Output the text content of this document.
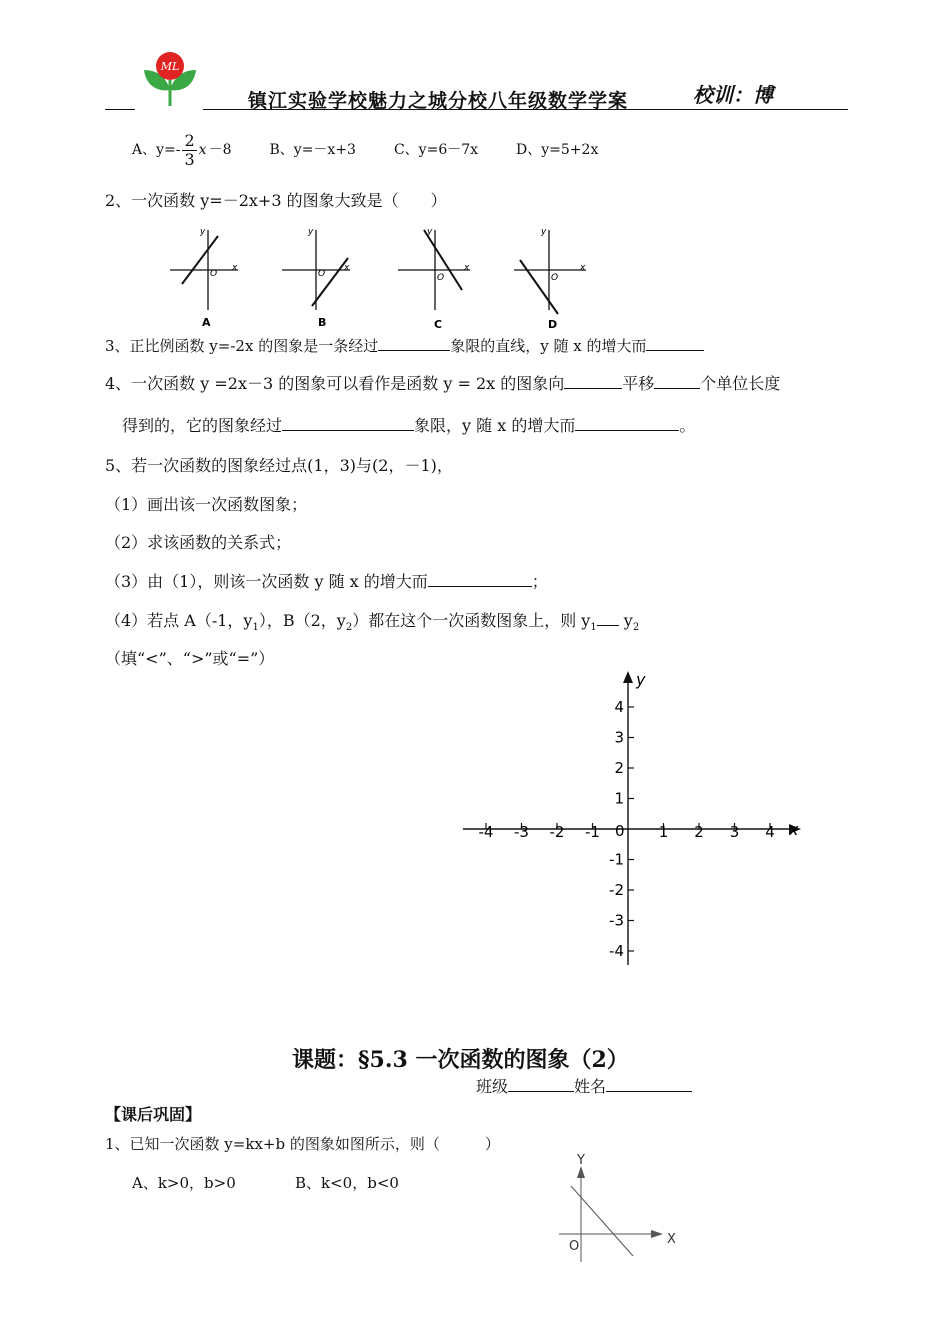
ML
镇江实验学校魅力之城分校八年级数学学案	校训：博
A、$y=- \frac{2}{3}$ x －8	B、y=－x+3	C、y=6－7x	D、y=5+2x
2、一次函数 y=－2x+3 的图象大致是（　　）
O
x
y
A
O
x
y
B
O
x
y
C
O
x
y
D
3、正比例函数 y=-2x 的图象是一条经过	象限的直线，y 随 x 的增大而
4、一次函数 y =2x－3 的图象可以看作是函数 y = 2x 的图象向	平移	个单位长度
得到的，它的图象经过	象限，y 随 x 的增大而	。
5、若一次函数的图象经过点(1，3)与(2，－1)，
（1）画出该一次函数图象；
（2）求该函数的关系式；
（3）由（1），则该一次函数 y 随 x 的增大而	；
（4）若点 A（-1，$y_1$），B（2，$y_2$）都在这个一次函数图象上，则 $y_1$ $y_2$
（填“<”、“>”或“=”）
x
y
0
-4 -3 -2 -1	1 2 3 4
4
3
2
1
-1
-2
-3
-4
课题：§5.3 一次函数的图象（2）
班级	姓名
【课后巩固】
1、已知一次函数 y=kx+b 的图象如图所示，则（　　　）
A、k>0，b>0	B、k<0，b<0
Y
X
O
